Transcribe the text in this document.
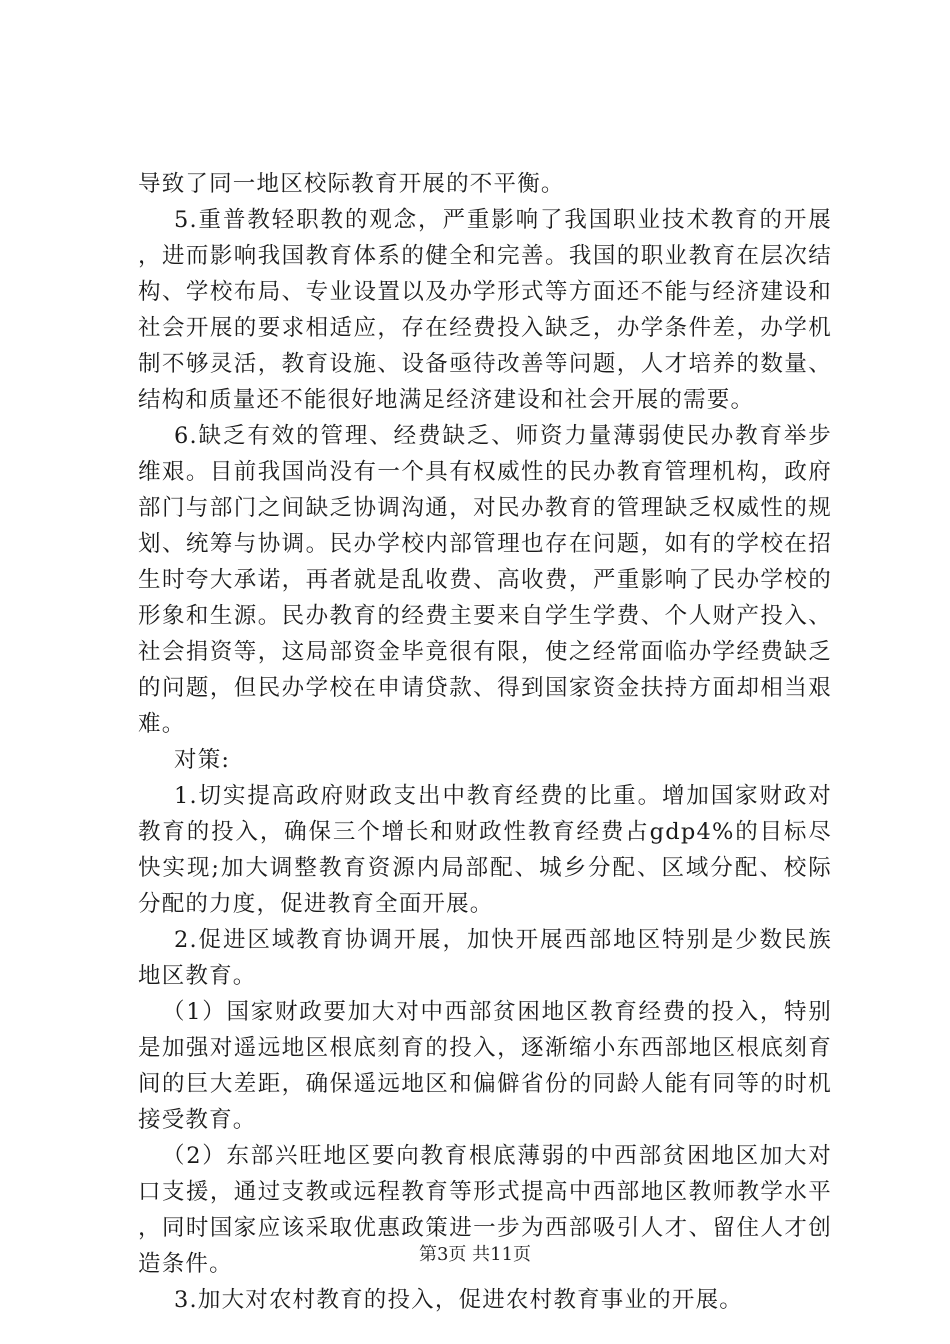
导致了同一地区校际教育开展的不平衡。

5.重普教轻职教的观念，严重影响了我国职业技术教育的开展，进而影响我国教育体系的健全和完善。我国的职业教育在层次结构、学校布局、专业设置以及办学形式等方面还不能与经济建设和社会开展的要求相适应，存在经费投入缺乏，办学条件差，办学机制不够灵活，教育设施、设备亟待改善等问题，人才培养的数量、结构和质量还不能很好地满足经济建设和社会开展的需要。

6.缺乏有效的管理、经费缺乏、师资力量薄弱使民办教育举步维艰。目前我国尚没有一个具有权威性的民办教育管理机构，政府部门与部门之间缺乏协调沟通，对民办教育的管理缺乏权威性的规划、统筹与协调。民办学校内部管理也存在问题，如有的学校在招生时夸大承诺，再者就是乱收费、高收费，严重影响了民办学校的形象和生源。民办教育的经费主要来自学生学费、个人财产投入、社会捐资等，这局部资金毕竟很有限，使之经常面临办学经费缺乏的问题，但民办学校在申请贷款、得到国家资金扶持方面却相当艰难。

对策:

1.切实提高政府财政支出中教育经费的比重。增加国家财政对教育的投入，确保三个增长和财政性教育经费占gdp4%的目标尽快实现;加大调整教育资源内局部配、城乡分配、区域分配、校际分配的力度，促进教育全面开展。

2.促进区域教育协调开展，加快开展西部地区特别是少数民族地区教育。

（1）国家财政要加大对中西部贫困地区教育经费的投入，特别是加强对遥远地区根底刻育的投入，逐渐缩小东西部地区根底刻育间的巨大差距，确保遥远地区和偏僻省份的同龄人能有同等的时机接受教育。

（2）东部兴旺地区要向教育根底薄弱的中西部贫困地区加大对口支援，通过支教或远程教育等形式提高中西部地区教师教学水平，同时国家应该采取优惠政策进一步为西部吸引人才、留住人才创造条件。

3.加大对农村教育的投入，促进农村教育事业的开展。

第3页 共11页
